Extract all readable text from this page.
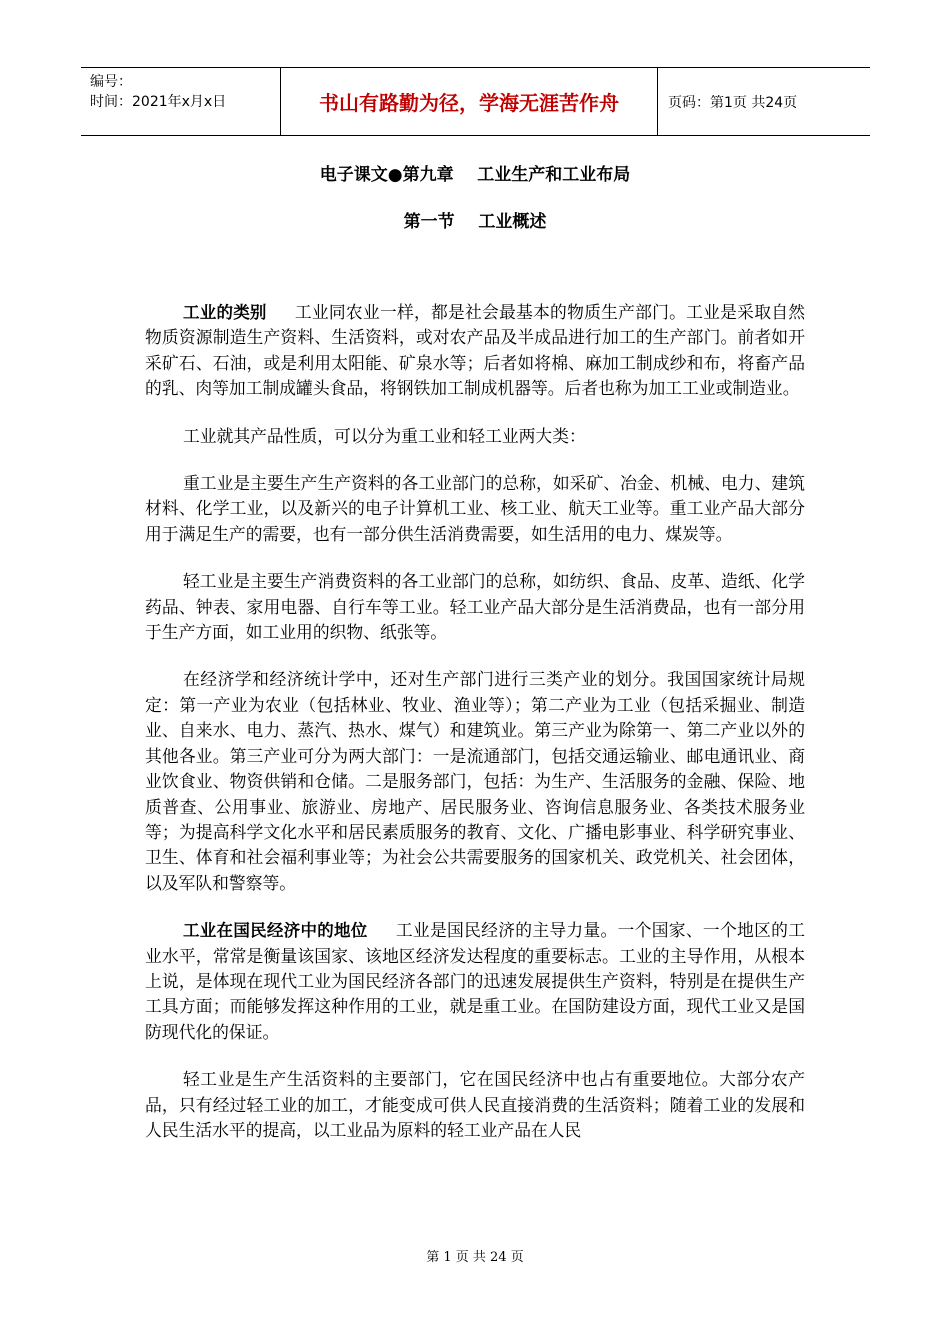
编号：
时间：2021年x月x日	书山有路勤为径，学海无涯苦作舟	页码：第1页 共24页
电子课文●第九章    工业生产和工业布局
第一节    工业概述

工业的类别 工业同农业一样，都是社会最基本的物质生产部门。工业是采取自然物质资源制造生产资料、生活资料，或对农产品及半成品进行加工的生产部门。前者如开采矿石、石油，或是利用太阳能、矿泉水等；后者如将棉、麻加工制成纱和布，将畜产品的乳、肉等加工制成罐头食品，将钢铁加工制成机器等。后者也称为加工工业或制造业。

工业就其产品性质，可以分为重工业和轻工业两大类：

重工业是主要生产生产资料的各工业部门的总称，如采矿、冶金、机械、电力、建筑材料、化学工业，以及新兴的电子计算机工业、核工业、航天工业等。重工业产品大部分用于满足生产的需要，也有一部分供生活消费需要，如生活用的电力、煤炭等。

轻工业是主要生产消费资料的各工业部门的总称，如纺织、食品、皮革、造纸、化学药品、钟表、家用电器、自行车等工业。轻工业产品大部分是生活消费品，也有一部分用于生产方面，如工业用的织物、纸张等。

在经济学和经济统计学中，还对生产部门进行三类产业的划分。我国国家统计局规定：第一产业为农业（包括林业、牧业、渔业等）；第二产业为工业（包括采掘业、制造业、自来水、电力、蒸汽、热水、煤气）和建筑业。第三产业为除第一、第二产业以外的其他各业。第三产业可分为两大部门：一是流通部门，包括交通运输业、邮电通讯业、商业饮食业、物资供销和仓储。二是服务部门，包括：为生产、生活服务的金融、保险、地质普查、公用事业、旅游业、房地产、居民服务业、咨询信息服务业、各类技术服务业等；为提高科学文化水平和居民素质服务的教育、文化、广播电影事业、科学研究事业、卫生、体育和社会福利事业等；为社会公共需要服务的国家机关、政党机关、社会团体，以及军队和警察等。

工业在国民经济中的地位 工业是国民经济的主导力量。一个国家、一个地区的工业水平，常常是衡量该国家、该地区经济发达程度的重要标志。工业的主导作用，从根本上说，是体现在现代工业为国民经济各部门的迅速发展提供生产资料，特别是在提供生产工具方面；而能够发挥这种作用的工业，就是重工业。在国防建设方面，现代工业又是国防现代化的保证。

轻工业是生产生活资料的主要部门，它在国民经济中也占有重要地位。大部分农产品，只有经过轻工业的加工，才能变成可供人民直接消费的生活资料；随着工业的发展和人民生活水平的提高，以工业品为原料的轻工业产品在人民

第 1 页 共 24 页
